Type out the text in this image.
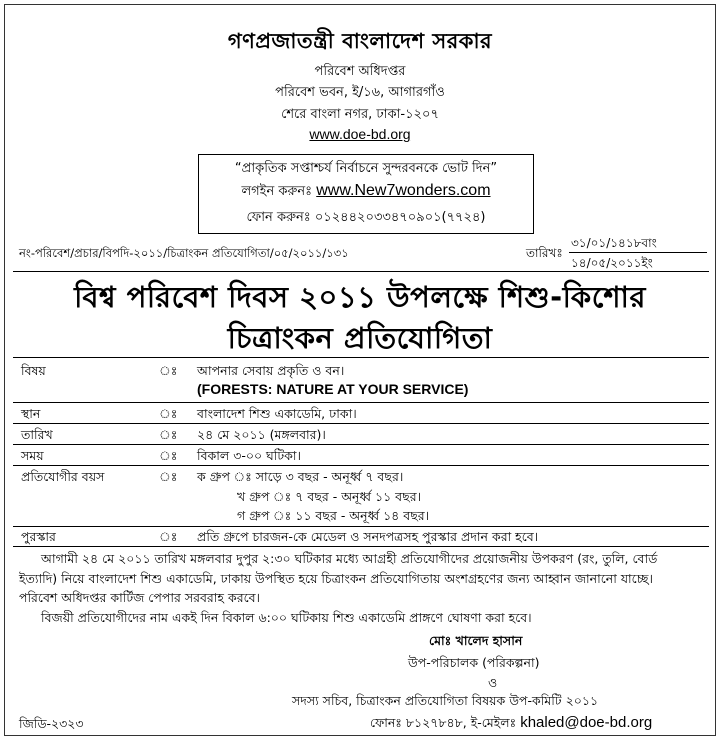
গণপ্রজাতন্ত্রী বাংলাদেশ সরকার
পরিবেশ অধিদপ্তর
পরিবেশ ভবন, ই/১৬, আগারগাঁও
শেরে বাংলা নগর, ঢাকা-১২০৭
www.doe-bd.org
“প্রাকৃতিক সপ্তাশ্চর্য নির্বাচনে সুন্দরবনকে ভোট দিন”
লগইন করুনঃ www.New7wonders.com
ফোন করুনঃ ০১২৪৪২০৩৩৪৭০৯০১(৭৭২৪)
নং-পরিবেশ/প্রচার/বিপদি-২০১১/চিত্রাংকন প্রতিযোগিতা/০৫/২০১১/১৩১	তারিখঃ
৩১/০১/১৪১৮বাং
১৪/০৫/২০১১ইং
বিশ্ব পরিবেশ দিবস ২০১১ উপলক্ষে শিশু-কিশোর
চিত্রাংকন প্রতিযোগিতা
বিষয়	ঃ আপনার সেবায় প্রকৃতি ও বন।
(FORESTS: NATURE AT YOUR SERVICE)
স্থান	ঃ বাংলাদেশ শিশু একাডেমি, ঢাকা।
তারিখ	ঃ ২৪ মে ২০১১ (মঙ্গলবার)।
সময়	ঃ বিকাল ৩-০০ ঘটিকা।
প্রতিযোগীর বয়স	ঃ ক গ্রুপ ঃ সাড়ে ৩ বছর - অনূর্ধ্ব ৭ বছর।
খ গ্রুপ ঃ ৭ বছর - অনূর্ধ্ব ১১ বছর।
গ গ্রুপ ঃ ১১ বছর - অনূর্ধ্ব ১৪ বছর।
পুরস্কার	ঃ প্রতি গ্রুপে চারজন-কে মেডেল ও সনদপত্রসহ পুরস্কার প্রদান করা হবে।
আগামী ২৪ মে ২০১১ তারিখ মঙ্গলবার দুপুর ২:৩০ ঘটিকার মধ্যে আগ্রহী প্রতিযোগীদের প্রয়োজনীয় উপকরণ (রং, তুলি, বোর্ড
ইত্যাদি) নিয়ে বাংলাদেশ শিশু একাডেমি, ঢাকায় উপস্থিত হয়ে চিত্রাংকন প্রতিযোগিতায় অংশগ্রহণের জন্য আহ্বান জানানো যাচ্ছে।
পরিবেশ অধিদপ্তর কার্টিজ পেপার সরবরাহ করবে।
বিজয়ী প্রতিযোগীদের নাম একই দিন বিকাল ৬:০০ ঘটিকায় শিশু একাডেমি প্রাঙ্গণে ঘোষণা করা হবে।
মোঃ খালেদ হাসান
উপ-পরিচালক (পরিকল্পনা)
ও
সদস্য সচিব, চিত্রাংকন প্রতিযোগিতা বিষয়ক উপ-কমিটি ২০১১
ফোনঃ ৮১২৭৮৪৮, ই-মেইলঃ khaled@doe-bd.org
জিডি-২৩২৩
